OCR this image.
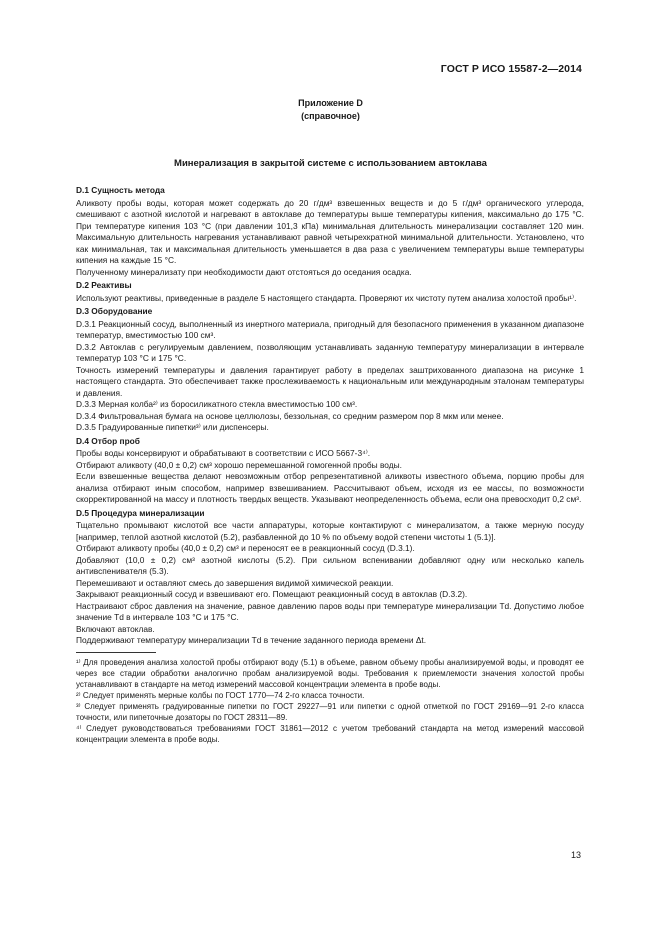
ГОСТ Р ИСО 15587-2—2014
Приложение D
(справочное)
Минерализация в закрытой системе с использованием автоклава
D.1 Сущность метода

Аликвоту пробы воды, которая может содержать до 20 г/дм³ взвешенных веществ и до 5 г/дм³ органического углерода, смешивают с азотной кислотой и нагревают в автоклаве до температуры выше температуры кипения, максимально до 175 °С. При температуре кипения 103 °С (при давлении 101,3 кПа) минимальная длительность минерализации составляет 120 мин. Максимальную длительность нагревания устанавливают равной четырехкратной минимальной длительности. Установлено, что как минимальная, так и максимальная длительность уменьшается в два раза с увеличением температуры выше температуры кипения на каждые 15 °С.

Полученному минерализату при необходимости дают отстояться до оседания осадка.

D.2 Реактивы

Используют реактивы, приведенные в разделе 5 настоящего стандарта. Проверяют их чистоту путем анализа холостой пробы¹⁾.

D.3 Оборудование

D.3.1 Реакционный сосуд, выполненный из инертного материала, пригодный для безопасного применения в указанном диапазоне температур, вместимостью 100 см³.

D.3.2 Автоклав с регулируемым давлением, позволяющим устанавливать заданную температуру минерализации в интервале температур 103 °С и 175 °С.

Точность измерений температуры и давления гарантирует работу в пределах заштрихованного диапазона на рисунке 1 настоящего стандарта. Это обеспечивает также прослеживаемость к национальным или международным эталонам температуры и давления.

D.3.3 Мерная колба²⁾ из боросиликатного стекла вместимостью 100 см³.

D.3.4 Фильтровальная бумага на основе целлюлозы, беззольная, со средним размером пор 8 мкм или менее.

D.3.5 Градуированные пипетки³⁾ или диспенсеры.

D.4 Отбор проб

Пробы воды консервируют и обрабатывают в соответствии с ИСО 5667-3⁴⁾.

Отбирают аликвоту (40,0 ± 0,2) см³ хорошо перемешанной гомогенной пробы воды.

Если взвешенные вещества делают невозможным отбор репрезентативной аликвоты известного объема, порцию пробы для анализа отбирают иным способом, например взвешиванием. Рассчитывают объем, исходя из ее массы, по возможности скорректированной на массу и плотность твердых веществ. Указывают неопределенность объема, если она превосходит 0,2 см³.

D.5 Процедура минерализации

Тщательно промывают кислотой все части аппаратуры, которые контактируют с минерализатом, а также мерную посуду [например, теплой азотной кислотой (5.2), разбавленной до 10 % по объему водой степени чистоты 1 (5.1)].

Отбирают аликвоту пробы (40,0 ± 0,2) см³ и переносят ее в реакционный сосуд (D.3.1).

Добавляют (10,0 ± 0,2) см³ азотной кислоты (5.2). При сильном вспенивании добавляют одну или несколько капель антивспенивателя (5.3).

Перемешивают и оставляют смесь до завершения видимой химической реакции.

Закрывают реакционный сосуд и взвешивают его. Помещают реакционный сосуд в автоклав (D.3.2).

Настраивают сброс давления на значение, равное давлению паров воды при температуре минерализации Td. Допустимо любое значение Td в интервале 103 °С и 175 °С.

Включают автоклав.

Поддерживают температуру минерализации Td в течение заданного периода времени Δt.

¹⁾ Для проведения анализа холостой пробы отбирают воду (5.1) в объеме, равном объему пробы анализируемой воды, и проводят ее через все стадии обработки аналогично пробам анализируемой воды. Требования к приемлемости значения холостой пробы устанавливают в стандарте на метод измерений массовой концентрации элемента в пробе воды.

²⁾ Следует применять мерные колбы по ГОСТ 1770—74 2-го класса точности.

³⁾ Следует применять градуированные пипетки по ГОСТ 29227—91 или пипетки с одной отметкой по ГОСТ 29169—91 2-го класса точности, или пипеточные дозаторы по ГОСТ 28311—89.

⁴⁾ Следует руководствоваться требованиями ГОСТ 31861—2012 с учетом требований стандарта на метод измерений массовой концентрации элемента в пробе воды.

13
